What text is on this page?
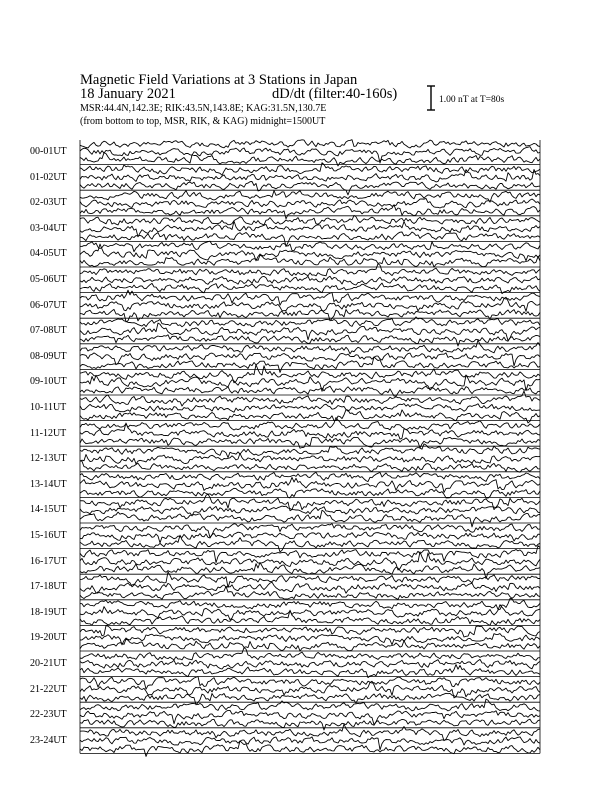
Magnetic Field Variations at 3 Stations in Japan
18 January 2021	dD/dt (filter:40-160s)
MSR:44.4N,142.3E; RIK:43.5N,143.8E; KAG:31.5N,130.7E
(from bottom to top, MSR, RIK, & KAG) midnight=1500UT
1.00 nT at T=80s
00-01UT
01-02UT
02-03UT
03-04UT
04-05UT
05-06UT
06-07UT
07-08UT
08-09UT
09-10UT
10-11UT
11-12UT
12-13UT
13-14UT
14-15UT
15-16UT
16-17UT
17-18UT
18-19UT
19-20UT
20-21UT
21-22UT
22-23UT
23-24UT
